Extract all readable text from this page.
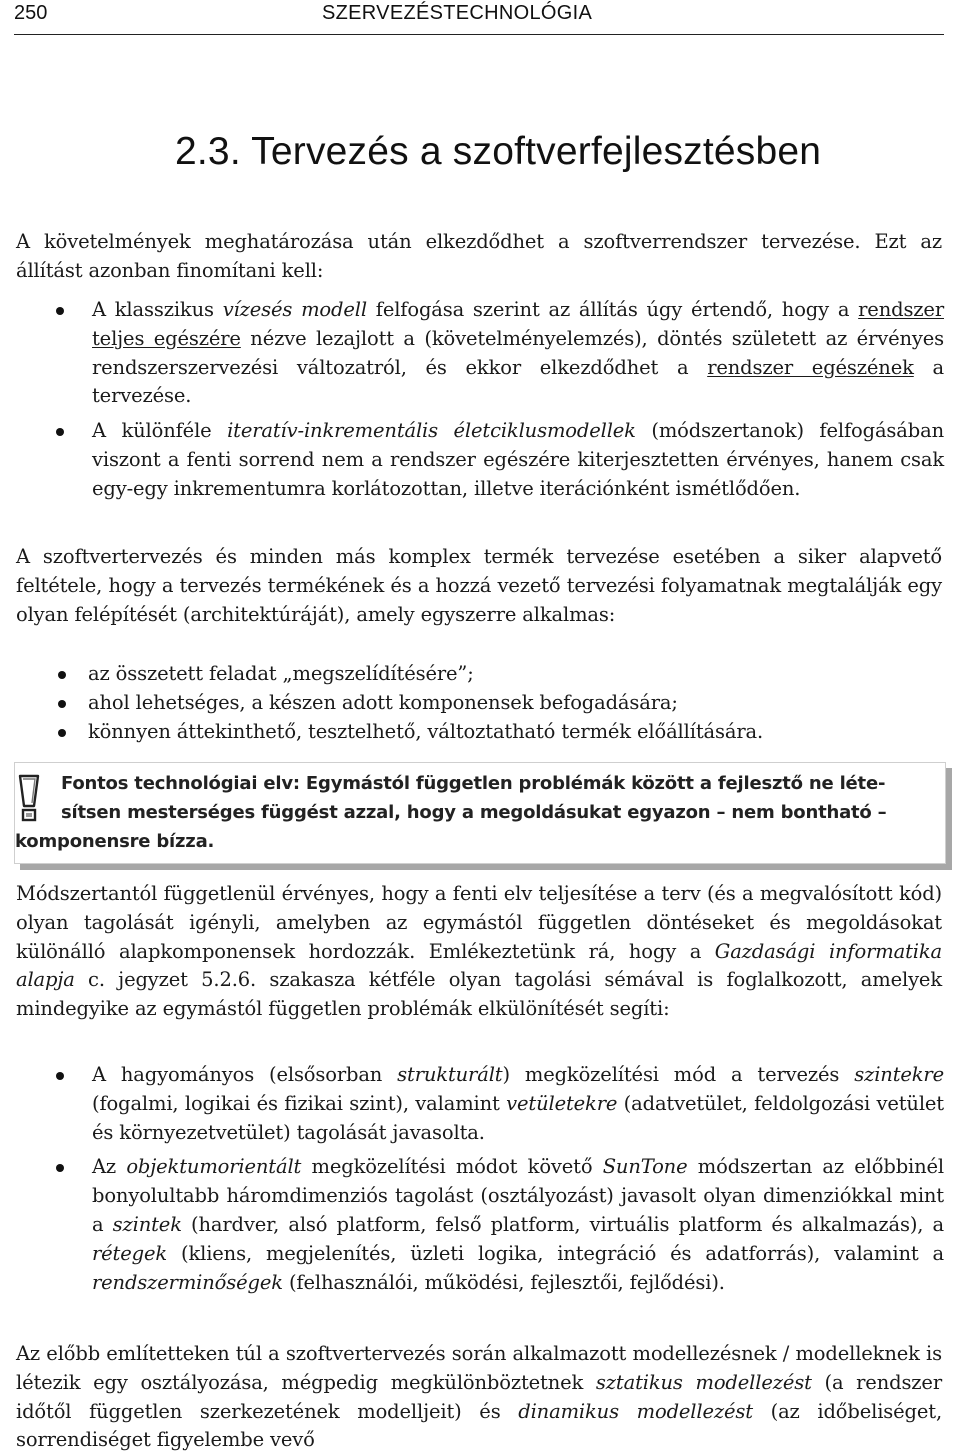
250	SZERVEZÉSTECHNOLÓGIA
2.3. Tervezés a szoftverfejlesztésben

A követelmények meghatározása után elkezdődhet a szoftverrendszer tervezése. Ezt az állítást azonban finomítani kell:

A klasszikus vízesés modell felfogása szerint az állítás úgy értendő, hogy a rendszer teljes egészére nézve lezajlott a (követelményelemzés), döntés született az érvényes rendszerszervezési változatról, és ekkor elkezdődhet a rendszer egészének a tervezése.
A különféle iteratív-inkrementális életciklusmodellek (módszertanok) felfogásában viszont a fenti sorrend nem a rendszer egészére kiterjesztetten érvényes, hanem csak egy-egy inkrementumra korlátozottan, illetve iterációnként ismétlődően.

A szoftvertervezés és minden más komplex termék tervezése esetében a siker alapvető feltétele, hogy a tervezés termékének és a hozzá vezető tervezési folyamatnak megtalálják egy olyan felépítését (architektúráját), amely egyszerre alkalmas:

az összetett feladat „megszelídítésére”;
ahol lehetséges, a készen adott komponensek befogadására;
könnyen áttekinthető, tesztelhető, változtatható termék előállítására.
Fontos technológiai elv: Egymástól független problémák között a fejlesztő ne léte-
sítsen mesterséges függést azzal, hogy a megoldásukat egyazon – nem bontható –
komponensre bízza.

Módszertantól függetlenül érvényes, hogy a fenti elv teljesítése a terv (és a megvalósított kód) olyan tagolását igényli, amelyben az egymástól független döntéseket és megoldásokat különálló alapkomponensek hordozzák. Emlékeztetünk rá, hogy a Gazdasági informatika alapja c. jegyzet 5.2.6. szakasza kétféle olyan tagolási sémával is foglalkozott, amelyek mindegyike az egymástól független problémák elkülönítését segíti:

A hagyományos (elsősorban strukturált) megközelítési mód a tervezés szintekre (fogalmi, logikai és fizikai szint), valamint vetületekre (adatvetület, feldolgozási vetület és környezetvetület) tagolását javasolta.
Az objektumorientált megközelítési módot követő SunTone módszertan az előbbinél bonyolultabb háromdimenziós tagolást (osztályozást) javasolt olyan dimenziókkal mint a szintek (hardver, alsó platform, felső platform, virtuális platform és alkalmazás), a rétegek (kliens, megjelenítés, üzleti logika, integráció és adatforrás), valamint a rendszerminőségek (felhasználói, működési, fejlesztői, fejlődési).

Az előbb említetteken túl a szoftvertervezés során alkalmazott modellezésnek / modelleknek is létezik egy osztályozása, mégpedig megkülönböztetnek sztatikus modellezést (a rendszer időtől független szerkezetének modelljeit) és dinamikus modellezést (az időbeliséget, sorrendiséget figyelembe vevő
